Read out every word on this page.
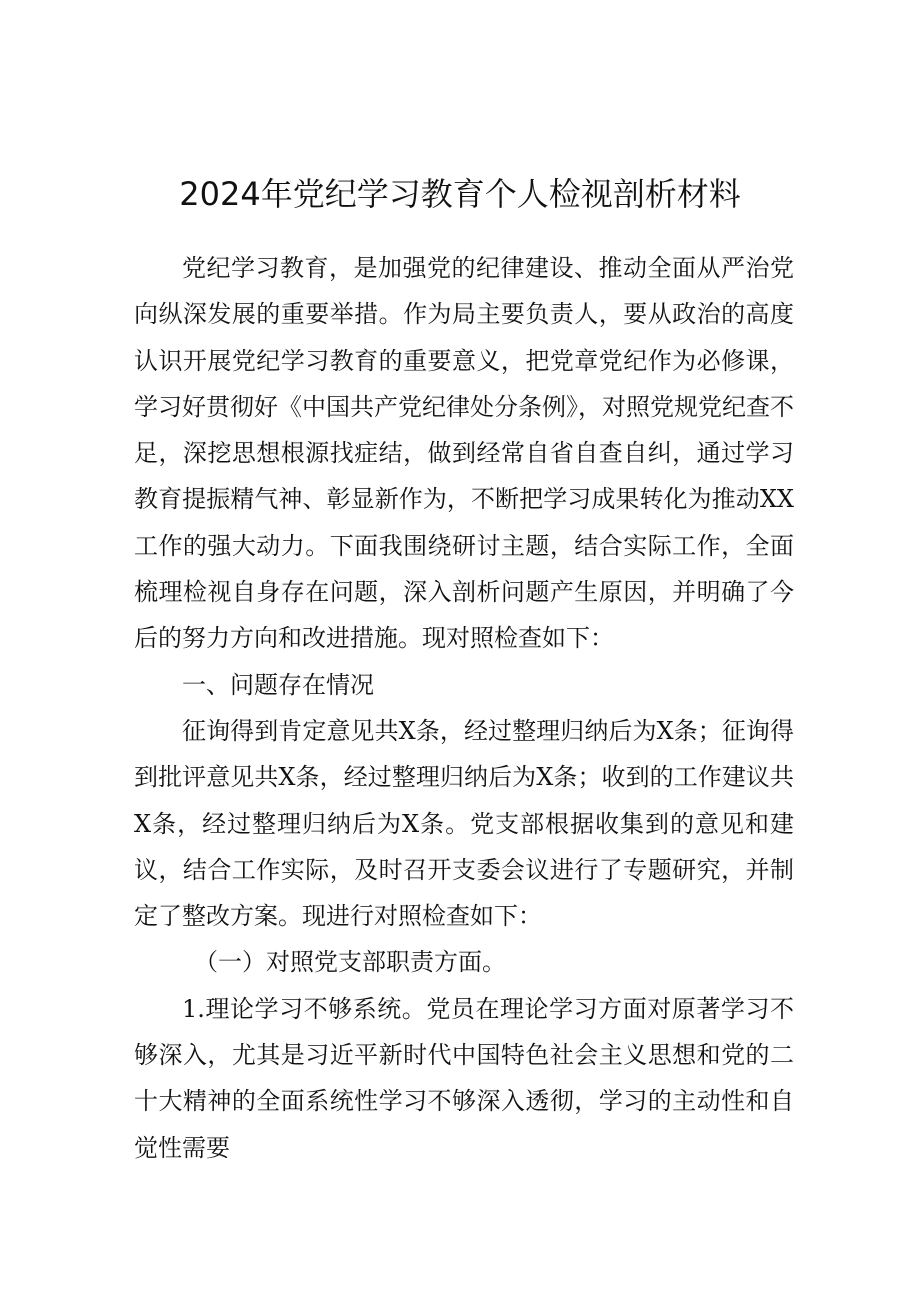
2024年党纪学习教育个人检视剖析材料

党纪学习教育，是加强党的纪律建设、推动全面从严治党向纵深发展的重要举措。作为局主要负责人，要从政治的高度认识开展党纪学习教育的重要意义，把党章党纪作为必修课，学习好贯彻好《中国共产党纪律处分条例》，对照党规党纪查不足，深挖思想根源找症结，做到经常自省自查自纠，通过学习教育提振精气神、彰显新作为，不断把学习成果转化为推动XX工作的强大动力。下面我围绕研讨主题，结合实际工作，全面梳理检视自身存在问题，深入剖析问题产生原因，并明确了今后的努力方向和改进措施。现对照检查如下：

一、问题存在情况

征询得到肯定意见共X条，经过整理归纳后为X条；征询得到批评意见共X条，经过整理归纳后为X条；收到的工作建议共X条，经过整理归纳后为X条。党支部根据收集到的意见和建议，结合工作实际，及时召开支委会议进行了专题研究，并制定了整改方案。现进行对照检查如下：

（一）对照党支部职责方面。

1.理论学习不够系统。党员在理论学习方面对原著学习不够深入，尤其是习近平新时代中国特色社会主义思想和党的二十大精神的全面系统性学习不够深入透彻，学习的主动性和自觉性需要
